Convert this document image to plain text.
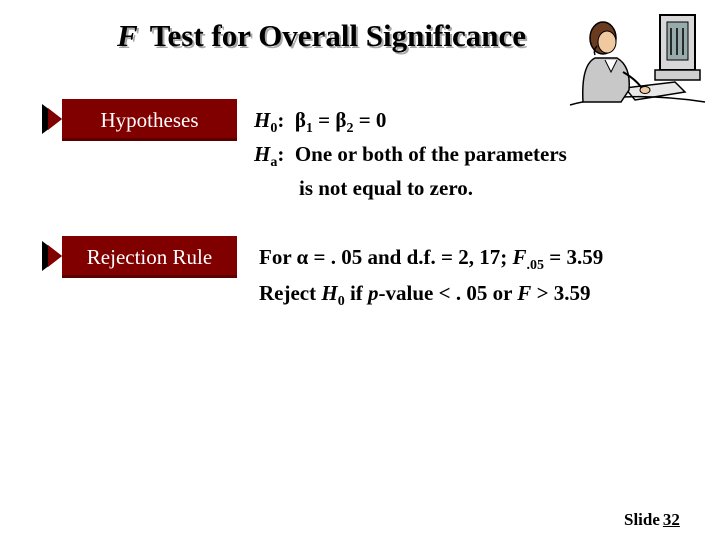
F Test for Overall Significance
Hypotheses	$H_0$: $\beta_1 = \beta_2 = 0$
$H_a$: One or both of the parameters
is not equal to zero.
Rejection Rule For α = . 05 and d.f. = 2, 17; $F_{.05} = 3.59$
Reject $H_0$ if p-value < . 05 or F > 3.59
Slide 32
